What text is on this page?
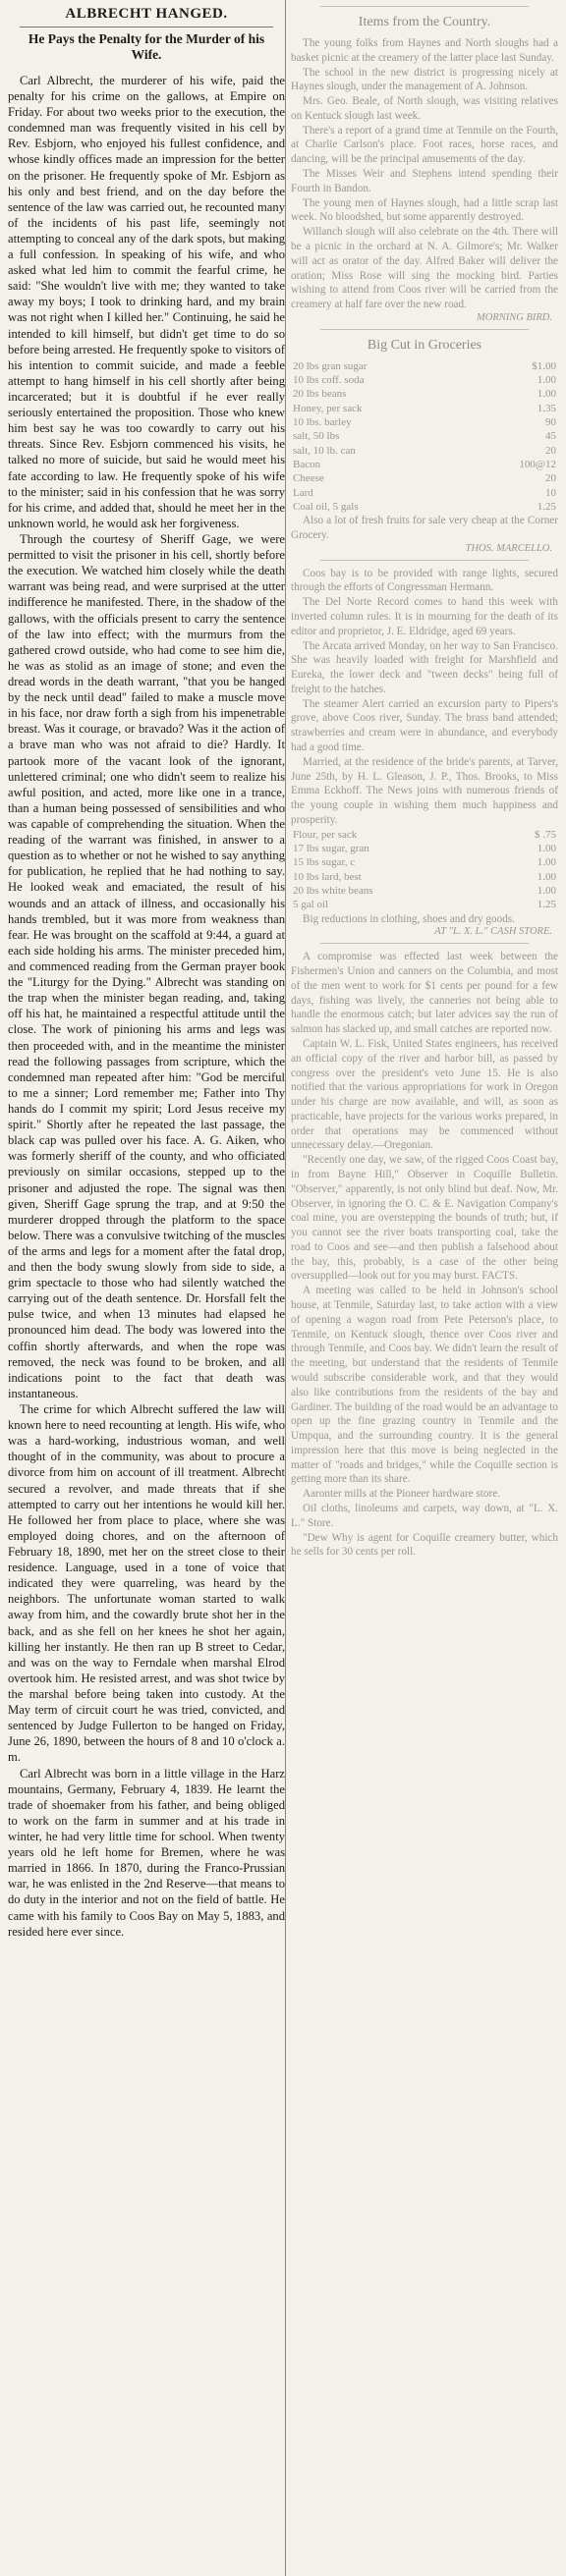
ALBRECHT HANGED.
He Pays the Penalty for the Murder of his Wife.

Carl Albrecht, the murderer of his wife, paid the penalty for his crime on the gallows, at Empire on Friday. For about two weeks prior to the execution, the condemned man was frequently visited in his cell by Rev. Esbjorn, who enjoyed his fullest confidence, and whose kindly offices made an impression for the better on the prisoner. He frequently spoke of Mr. Esbjorn as his only and best friend, and on the day before the sentence of the law was carried out, he recounted many of the incidents of his past life, seemingly not attempting to conceal any of the dark spots, but making a full confession. In speaking of his wife, and who asked what led him to commit the fearful crime, he said: "She wouldn't live with me; they wanted to take away my boys; I took to drinking hard, and my brain was not right when I killed her." Continuing, he said he intended to kill himself, but didn't get time to do so before being arrested. He frequently spoke to visitors of his intention to commit suicide, and made a feeble attempt to hang himself in his cell shortly after being incarcerated; but it is doubtful if he ever really seriously entertained the proposition. Those who knew him best say he was too cowardly to carry out his threats. Since Rev. Esbjorn commenced his visits, he talked no more of suicide, but said he would meet his fate according to law. He frequently spoke of his wife to the minister; said in his confession that he was sorry for his crime, and added that, should he meet her in the unknown world, he would ask her forgiveness.

Through the courtesy of Sheriff Gage, we were permitted to visit the prisoner in his cell, shortly before the execution. We watched him closely while the death warrant was being read, and were surprised at the utter indifference he manifested. There, in the shadow of the gallows, with the officials present to carry the sentence of the law into effect; with the murmurs from the gathered crowd outside, who had come to see him die, he was as stolid as an image of stone; and even the dread words in the death warrant, "that you be hanged by the neck until dead" failed to make a muscle move in his face, nor draw forth a sigh from his impenetrable breast. Was it courage, or bravado? Was it the action of a brave man who was not afraid to die? Hardly. It partook more of the vacant look of the ignorant, unlettered criminal; one who didn't seem to realize his awful position, and acted, more like one in a trance, than a human being possessed of sensibilities and who was capable of comprehending the situation. When the reading of the warrant was finished, in answer to a question as to whether or not he wished to say anything for publication, he replied that he had nothing to say. He looked weak and emaciated, the result of his wounds and an attack of illness, and occasionally his hands trembled, but it was more from weakness than fear. He was brought on the scaffold at 9:44, a guard at each side holding his arms. The minister preceded him, and commenced reading from the German prayer book the "Liturgy for the Dying." Albrecht was standing on the trap when the minister began reading, and, taking off his hat, he maintained a respectful attitude until the close. The work of pinioning his arms and legs was then proceeded with, and in the meantime the minister read the following passages from scripture, which the condemned man repeated after him: "God be merciful to me a sinner; Lord remember me; Father into Thy hands do I commit my spirit; Lord Jesus receive my spirit." Shortly after he repeated the last passage, the black cap was pulled over his face. A. G. Aiken, who was formerly sheriff of the county, and who officiated previously on similar occasions, stepped up to the prisoner and adjusted the rope. The signal was then given, Sheriff Gage sprung the trap, and at 9:50 the murderer dropped through the platform to the space below. There was a convulsive twitching of the muscles of the arms and legs for a moment after the fatal drop, and then the body swung slowly from side to side, a grim spectacle to those who had silently watched the carrying out of the death sentence. Dr. Horsfall felt the pulse twice, and when 13 minutes had elapsed he pronounced him dead. The body was lowered into the coffin shortly afterwards, and when the rope was removed, the neck was found to be broken, and all indications point to the fact that death was instantaneous.

The crime for which Albrecht suffered the law will known here to need recounting at length. His wife, who was a hard-working, industrious woman, and well thought of in the community, was about to procure a divorce from him on account of ill treatment. Albrecht secured a revolver, and made threats that if she attempted to carry out her intentions he would kill her. He followed her from place to place, where she was employed doing chores, and on the afternoon of February 18, 1890, met her on the street close to their residence. Language, used in a tone of voice that indicated they were quarreling, was heard by the neighbors. The unfortunate woman started to walk away from him, and the cowardly brute shot her in the back, and as she fell on her knees he shot her again, killing her instantly. He then ran up B street to Cedar, and was on the way to Ferndale when marshal Elrod overtook him. He resisted arrest, and was shot twice by the marshal before being taken into custody. At the May term of circuit court he was tried, convicted, and sentenced by Judge Fullerton to be hanged on Friday, June 26, 1890, between the hours of 8 and 10 o'clock a. m.

Carl Albrecht was born in a little village in the Harz mountains, Germany, February 4, 1839. He learnt the trade of shoemaker from his father, and being obliged to work on the farm in summer and at his trade in winter, he had very little time for school. When twenty years old he left home for Bremen, where he was married in 1866. In 1870, during the Franco-Prussian war, he was enlisted in the 2nd Reserve—that means to do duty in the interior and not on the field of battle. He came with his family to Coos Bay on May 5, 1883, and resided here ever since.

Items from the Country.

The young folks from Haynes and North sloughs had a basket picnic at the creamery of the latter place last Sunday.

The school in the new district is progressing nicely at Haynes slough, under the management of A. Johnson.

Mrs. Geo. Beale, of North slough, was visiting relatives on Kentuck slough last week.

There's a report of a grand time at Tenmile on the Fourth, at Charlie Carlson's place. Foot races, horse races, and dancing, will be the principal amusements of the day.

The Misses Weir and Stephens intend spending their Fourth in Bandon.

The young men of Haynes slough, had a little scrap last week. No bloodshed, but some apparently destroyed.

Willanch slough will also celebrate on the 4th. There will be a picnic in the orchard at N. A. Gilmore's; Mr. Walker will act as orator of the day. Alfred Baker will deliver the oration; Miss Rose will sing the mocking bird. Parties wishing to attend from Coos river will be carried from the creamery at half fare over the new road.

MORNING BIRD.
Big Cut in Groceries
20 lbs gran sugar	$1.00
10 lbs coff. soda	1.00
20 lbs beans	1.00
Honey, per sack	1.35
10 lbs. barley	90
salt, 50 lbs	45
salt, 10 lb. can	20
Bacon	100@12
Cheese	20
Lard	10
Coal oil, 5 gals	1.25

Also a lot of fresh fruits for sale very cheap at the Corner Grocery.

THOS. MARCELLO.

Coos bay is to be provided with range lights, secured through the efforts of Congressman Hermann.

The Del Norte Record comes to hand this week with inverted column rules. It is in mourning for the death of its editor and proprietor, J. E. Eldridge, aged 69 years.

The Arcata arrived Monday, on her way to San Francisco. She was heavily loaded with freight for Marshfield and Eureka, the lower deck and "tween decks" being full of freight to the hatches.

The steamer Alert carried an excursion party to Pipers's grove, above Coos river, Sunday. The brass band attended; strawberries and cream were in abundance, and everybody had a good time.

Married, at the residence of the bride's parents, at Tarver, June 25th, by H. L. Gleason, J. P., Thos. Brooks, to Miss Emma Eckhoff. The News joins with numerous friends of the young couple in wishing them much happiness and prosperity.

Flour, per sack	$ .75
17 lbs sugar, gran	1.00
15 lbs sugar, c	1.00
10 lbs lard, best	1.00
20 lbs white beans	1.00
5 gal oil	1.25

Big reductions in clothing, shoes and dry goods.

AT "L. X. L." CASH STORE.

A compromise was effected last week between the Fishermen's Union and canners on the Columbia, and most of the men went to work for $1 cents per pound for a few days, fishing was lively, the canneries not being able to handle the enormous catch; but later advices say the run of salmon has slacked up, and small catches are reported now.

Captain W. L. Fisk, United States engineers, has received an official copy of the river and harbor bill, as passed by congress over the president's veto June 15. He is also notified that the various appropriations for work in Oregon under his charge are now available, and will, as soon as practicable, have projects for the various works prepared, in order that operations may be commenced without unnecessary delay.—Oregonian.

"Recently one day, we saw, of the rigged Coos Coast bay, in from Bayne Hill," Observer in Coquille Bulletin. "Observer," apparently, is not only blind but deaf. Now, Mr. Observer, in ignoring the O. C. & E. Navigation Company's coal mine, you are overstepping the bounds of truth; but, if you cannot see the river boats transporting coal, take the road to Coos and see—and then publish a falsehood about the bay, this, probably, is a case of the other being oversupplied—look out for you may burst. FACTS.

A meeting was called to be held in Johnson's school house, at Tenmile, Saturday last, to take action with a view of opening a wagon road from Pete Peterson's place, to Tenmile, on Kentuck slough, thence over Coos river and through Tenmile, and Coos bay. We didn't learn the result of the meeting, but understand that the residents of Tenmile would subscribe considerable work, and that they would also like contributions from the residents of the bay and Gardiner. The building of the road would be an advantage to open up the fine grazing country in Tenmile and the Umpqua, and the surrounding country. It is the general impression here that this move is being neglected in the matter of "roads and bridges," while the Coquille section is getting more than its share.

Aaronter mills at the Pioneer hardware store.

Oil cloths, linoleums and carpets, way down, at "L. X. L." Store.

"Dew Why is agent for Coquille creamery butter, which he sells for 30 cents per roll.
